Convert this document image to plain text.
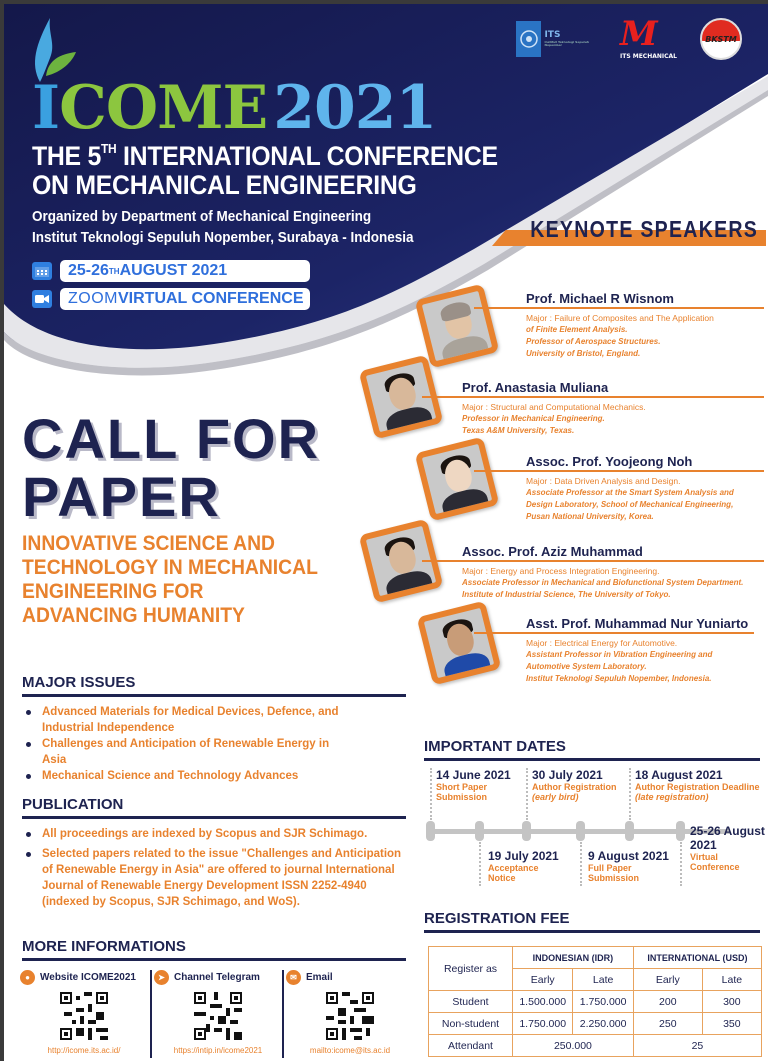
ICOME 2021
THE 5TH INTERNATIONAL CONFERENCE
ON MECHANICAL ENGINEERING
Organized by Department of Mechanical Engineering
Institut Teknologi Sepuluh Nopember, Surabaya - Indonesia
25-26 TH AUGUST 2021
ZOOM VIRTUAL CONFERENCE
ITS
Institut Teknologi Sepuluh Nopember	M
ITS MECHANICAL
BKSTM
KEYNOTE SPEAKERS
Prof. Michael R Wisnom
Major : Failure of Composites and The Application
of Finite Element Analysis.
Professor of Aerospace Structures.
University of Bristol, England.
Prof. Anastasia Muliana
Major : Structural and Computational Mechanics.
Professor in Mechanical Engineering.
Texas A&M University, Texas.
Assoc. Prof. Yoojeong Noh
Major : Data Driven Analysis and Design.
Associate Professor at the Smart System Analysis and
Design Laboratory, School of Mechanical Engineering,
Pusan National University, Korea.
Assoc. Prof. Aziz Muhammad
Major : Energy and Process Integration Engineering.
Associate Professor in Mechanical and Biofunctional System Department.
Institute of Industrial Science, The University of Tokyo.
Asst. Prof. Muhammad Nur Yuniarto
Major : Electrical Energy for Automotive.
Assistant Professor in Vibration Engineering and
Automotive System Laboratory.
Institut Teknologi Sepuluh Nopember, Indonesia.
CALL FOR
PAPER
INNOVATIVE SCIENCE AND
TECHNOLOGY IN MECHANICAL
ENGINEERING FOR
ADVANCING HUMANITY
MAJOR ISSUES
Advanced Materials for Medical Devices, Defence, and Industrial Independence
Challenges and Anticipation of Renewable Energy in Asia
Mechanical Science and Technology Advances
PUBLICATION
All proceedings are indexed by Scopus and SJR Schimago.
Selected papers related to the issue "Challenges and Anticipation of Renewable Energy in Asia" are offered to journal International Journal of Renewable Energy Development ISSN 2252-4940 (indexed by Scopus, SJR Schimago, and WoS).
MORE INFORMATIONS
●	Website ICOME2021
http://icome.its.ac.id/
➤ Channel Telegram
https://intip.in/icome2021
✉ Email
mailto:icome@its.ac.id
IMPORTANT DATES
14 June 2021
Short Paper
Submission
30 July 2021
Author Registration
(early bird)
18 August 2021
Author Registration Deadline
(late registration)
19 July 2021
Acceptance
Notice
9 August 2021
Full Paper
Submission
25-26 August
2021
Virtual
Conference
REGISTRATION FEE
Register as	INDONESIAN (IDR)		INTERNATIONAL (USD)	
	Early	Late	Early	Late
Student	1.500.000	1.750.000	200	300
Non-student	1.750.000	2.250.000	250	350
Attendant	250.000		25	
